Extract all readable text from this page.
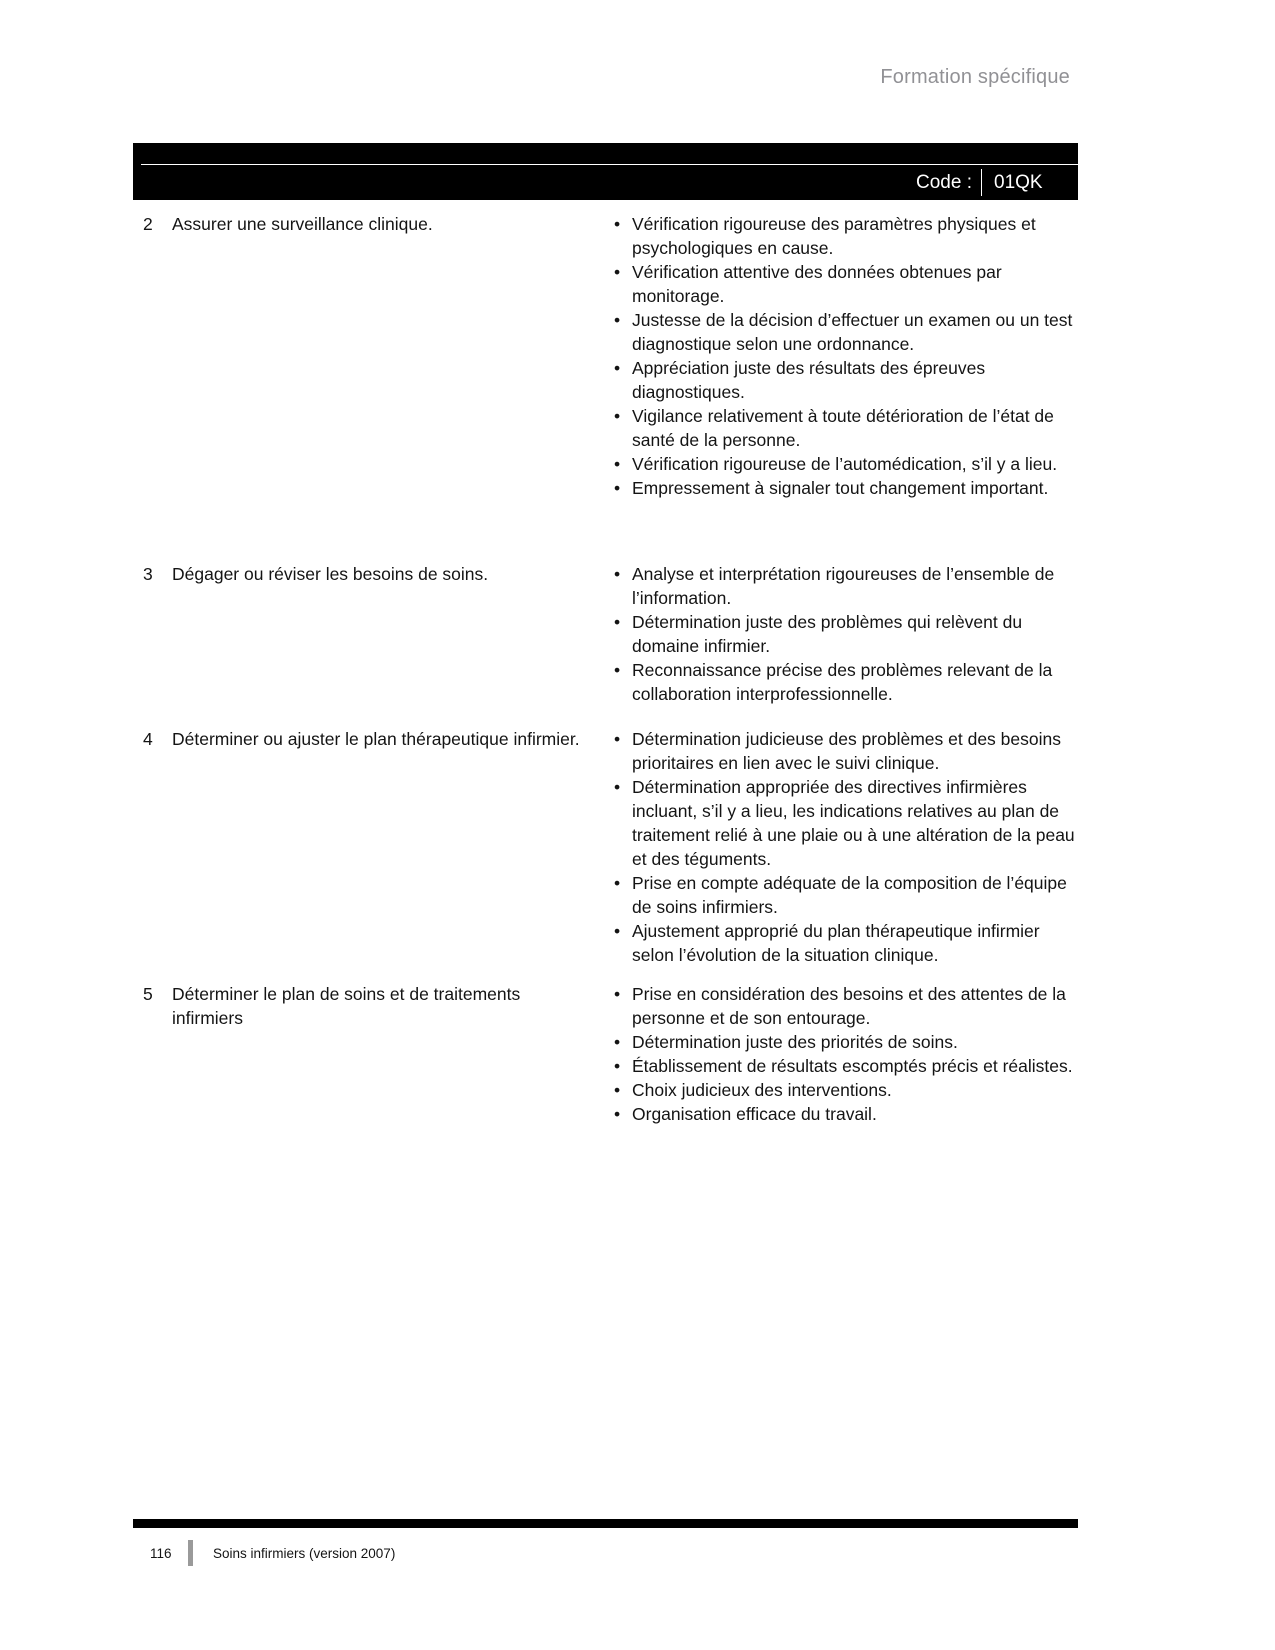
Formation spécifique
Code :	01QK
2	Assurer une surveillance clinique.	• Vérification rigoureuse des paramètres physiques et psychologiques en cause.
• Vérification attentive des données obtenues par monitorage.
• Justesse de la décision d’effectuer un examen ou un test diagnostique selon une ordonnance.
• Appréciation juste des résultats des épreuves diagnostiques.
• Vigilance relativement à toute détérioration de l’état de santé de la personne.
• Vérification rigoureuse de l’automédication, s’il y a lieu.
• Empressement à signaler tout changement important.
3	Dégager ou réviser les besoins de soins.	• Analyse et interprétation rigoureuses de l’ensemble de l’information.
• Détermination juste des problèmes qui relèvent du domaine infirmier.
• Reconnaissance précise des problèmes relevant de la collaboration interprofessionnelle.
4	Déterminer ou ajuster le plan thérapeutique infirmier.	• Détermination judicieuse des problèmes et des besoins prioritaires en lien avec le suivi clinique.
• Détermination appropriée des directives infirmières incluant, s’il y a lieu, les indications relatives au plan de traitement relié à une plaie ou à une altération de la peau et des téguments.
• Prise en compte adéquate de la composition de l’équipe de soins infirmiers.
• Ajustement approprié du plan thérapeutique infirmier selon l’évolution de la situation clinique.
5	Déterminer le plan de soins et de traitements infirmiers
• Prise en considération des besoins et des attentes de la personne et de son entourage.
• Détermination juste des priorités de soins.
• Établissement de résultats escomptés précis et réalistes.
• Choix judicieux des interventions.
• Organisation efficace du travail.
116	Soins infirmiers (version 2007)
